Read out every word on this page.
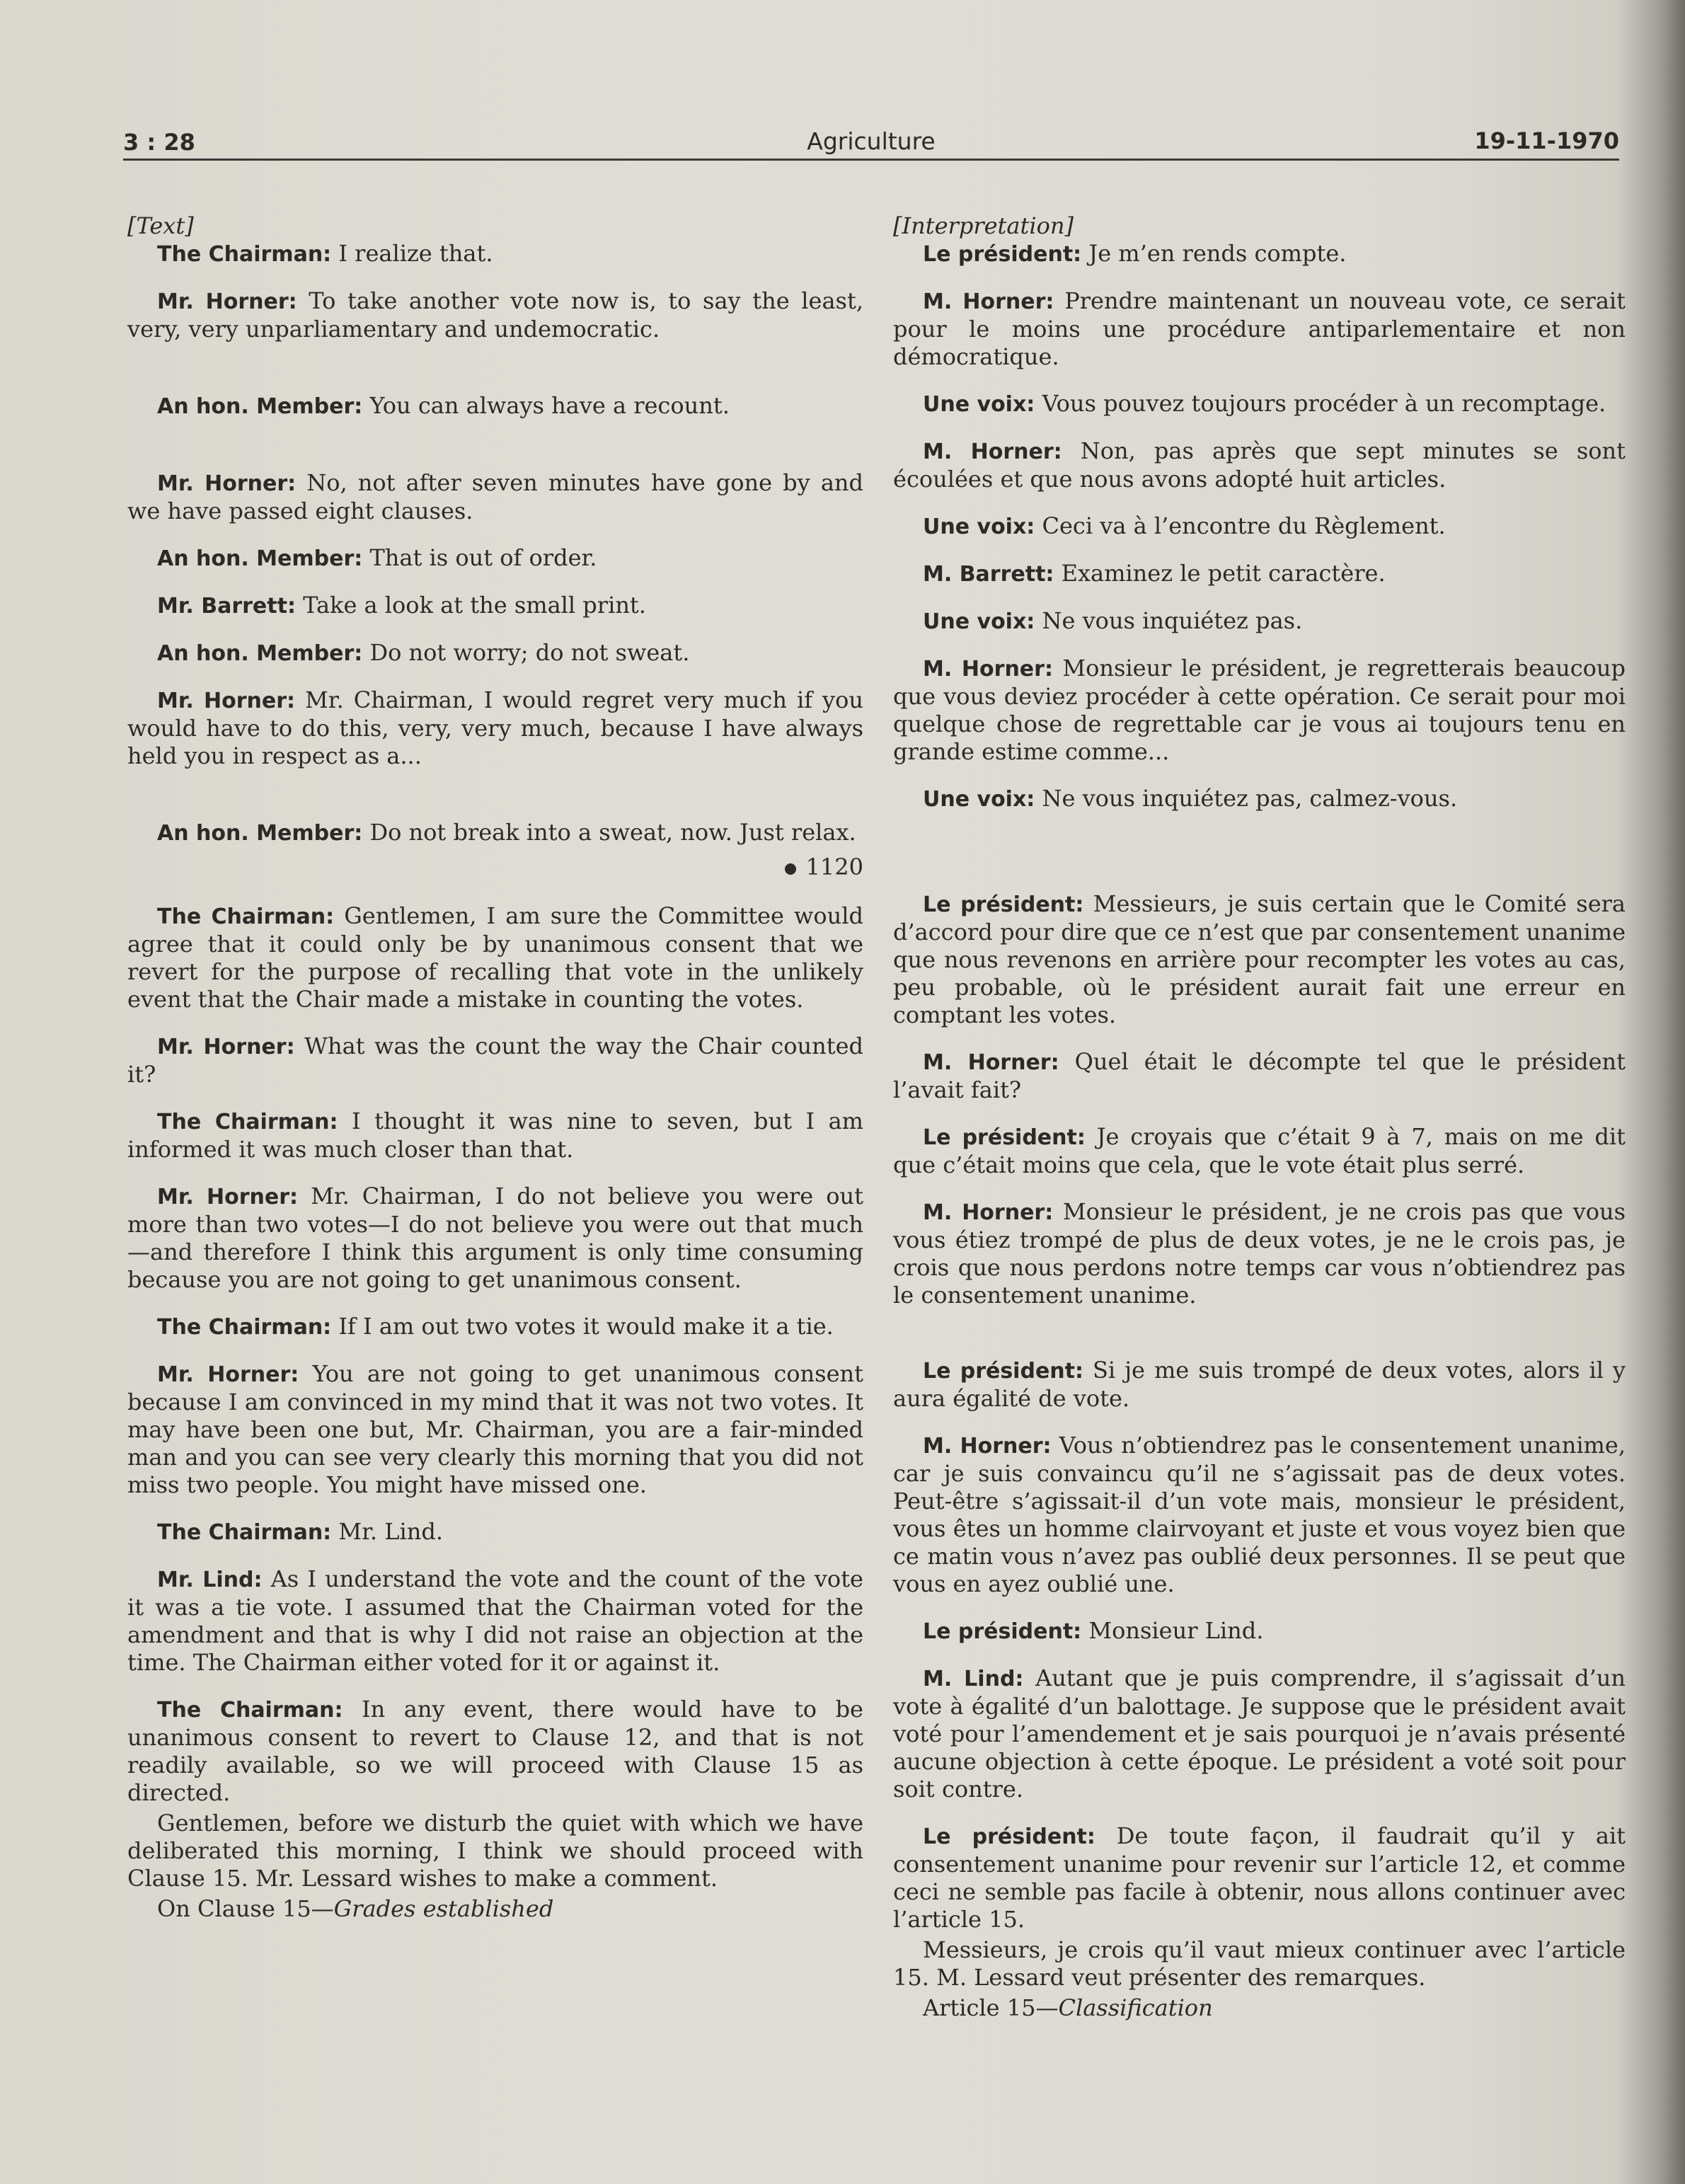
3 : 28	Agriculture	19-11-1970

[Text]

The Chairman: I realize that.

Mr. Horner: To take another vote now is, to say the least, very, very unparliamentary and undemocratic.

An hon. Member: You can always have a recount.

Mr. Horner: No, not after seven minutes have gone by and we have passed eight clauses.

An hon. Member: That is out of order.

Mr. Barrett: Take a look at the small print.

An hon. Member: Do not worry; do not sweat.

Mr. Horner: Mr. Chairman, I would regret very much if you would have to do this, very, very much, because I have always held you in respect as a...

An hon. Member: Do not break into a sweat, now. Just relax.

1120

The Chairman: Gentlemen, I am sure the Committee would agree that it could only be by unanimous consent that we revert for the purpose of recalling that vote in the unlikely event that the Chair made a mistake in counting the votes.

Mr. Horner: What was the count the way the Chair counted it?

The Chairman: I thought it was nine to seven, but I am informed it was much closer than that.

Mr. Horner: Mr. Chairman, I do not believe you were out more than two votes—I do not believe you were out that much—and therefore I think this argument is only time consuming because you are not going to get unanimous consent.

The Chairman: If I am out two votes it would make it a tie.

Mr. Horner: You are not going to get unanimous consent because I am convinced in my mind that it was not two votes. It may have been one but, Mr. Chairman, you are a fair-minded man and you can see very clearly this morning that you did not miss two people. You might have missed one.

The Chairman: Mr. Lind.

Mr. Lind: As I understand the vote and the count of the vote it was a tie vote. I assumed that the Chairman voted for the amendment and that is why I did not raise an objection at the time. The Chairman either voted for it or against it.

The Chairman: In any event, there would have to be unanimous consent to revert to Clause 12, and that is not readily available, so we will proceed with Clause 15 as directed.

Gentlemen, before we disturb the quiet with which we have deliberated this morning, I think we should proceed with Clause 15. Mr. Lessard wishes to make a comment.

On Clause 15—Grades established

[Interpretation]

Le président: Je m’en rends compte.

M. Horner: Prendre maintenant un nouveau vote, ce serait pour le moins une procédure antiparlementaire et non démocratique.

Une voix: Vous pouvez toujours procéder à un recomptage.

M. Horner: Non, pas après que sept minutes se sont écoulées et que nous avons adopté huit articles.

Une voix: Ceci va à l’encontre du Règlement.

M. Barrett: Examinez le petit caractère.

Une voix: Ne vous inquiétez pas.

M. Horner: Monsieur le président, je regretterais beaucoup que vous deviez procéder à cette opération. Ce serait pour moi quelque chose de regrettable car je vous ai toujours tenu en grande estime comme...

Une voix: Ne vous inquiétez pas, calmez-vous.

Le président: Messieurs, je suis certain que le Comité sera d’accord pour dire que ce n’est que par consentement unanime que nous revenons en arrière pour recompter les votes au cas, peu probable, où le président aurait fait une erreur en comptant les votes.

M. Horner: Quel était le décompte tel que le président l’avait fait?

Le président: Je croyais que c’était 9 à 7, mais on me dit que c’était moins que cela, que le vote était plus serré.

M. Horner: Monsieur le président, je ne crois pas que vous vous étiez trompé de plus de deux votes, je ne le crois pas, je crois que nous perdons notre temps car vous n’obtiendrez pas le consentement unanime.

Le président: Si je me suis trompé de deux votes, alors il y aura égalité de vote.

M. Horner: Vous n’obtiendrez pas le consentement unanime, car je suis convaincu qu’il ne s’agissait pas de deux votes. Peut-être s’agissait-il d’un vote mais, monsieur le président, vous êtes un homme clairvoyant et juste et vous voyez bien que ce matin vous n’avez pas oublié deux personnes. Il se peut que vous en ayez oublié une.

Le président: Monsieur Lind.

M. Lind: Autant que je puis comprendre, il s’agissait d’un vote à égalité d’un balottage. Je suppose que le président avait voté pour l’amendement et je sais pourquoi je n’avais présenté aucune objection à cette époque. Le président a voté soit pour soit contre.

Le président: De toute façon, il faudrait qu’il y ait consentement unanime pour revenir sur l’article 12, et comme ceci ne semble pas facile à obtenir, nous allons continuer avec l’article 15.

Messieurs, je crois qu’il vaut mieux continuer avec l’article 15. M. Lessard veut présenter des remarques.

Article 15—Classification
